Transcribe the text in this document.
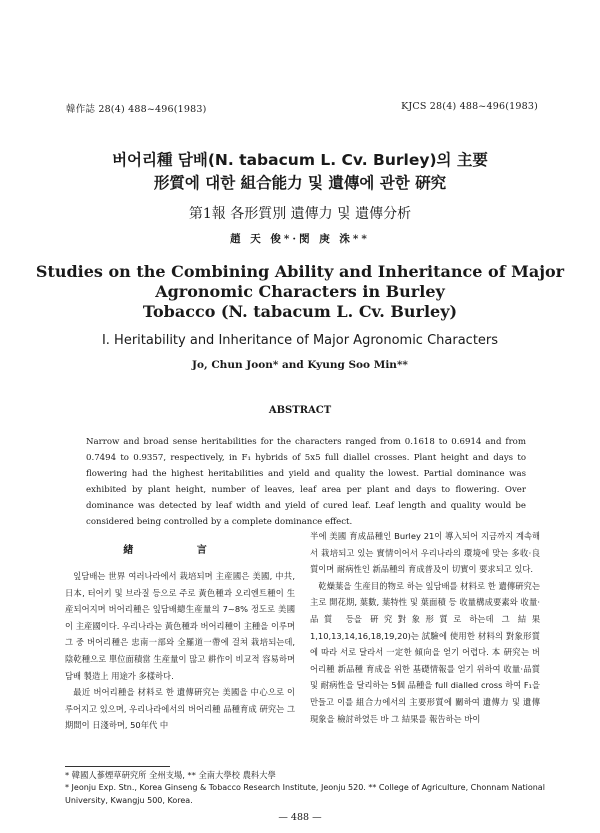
韓作誌 28(4) 488~496(1983)	KJCS 28(4) 488~496(1983)
버어리種 담배(N. tabacum L. Cv. Burley)의 主要
形質에 대한 組合能力 및 遺傳에 관한 硏究
第1報 各形質別 遺傳力 및 遺傳分析
趙 天 俊*·閔 庚 洙**
Studies on the Combining Ability and Inheritance of Major
Agronomic Characters in Burley
Tobacco (N. tabacum L. Cv. Burley)
I. Heritability and Inheritance of Major Agronomic Characters
Jo, Chun Joon* and Kyung Soo Min**
ABSTRACT
Narrow and broad sense heritabilities for the characters ranged from 0.1618 to 0.6914 and from 0.7494 to 0.9357, respectively, in F₁ hybrids of 5x5 full diallel crosses. Plant height and days to flowering had the highest heritabilities and yield and quality the lowest. Partial dominance was exhibited by plant height, number of leaves, leaf area per plant and days to flowering. Over dominance was detected by leaf width and yield of cured leaf. Leaf length and quality would be considered being controlled by a complete dominance effect.
緖 言

잎담배는 世界 여러나라에서 栽培되며 主産國은 美國, 中共, 日本, 터어키 및 브라질 등으로 주로 黃色種과 오리엔트種이 生産되어지며 버어리種은 잎담배總生産量의 7~8% 정도로 美國이 主産國이다. 우리나라는 黃色種과 버어리種이 主種을 이루며 그 중 버어리種은 忠南一部와 全羅道一帶에 걸쳐 栽培되는데, 陰乾種으로 單位面積當 生産量이 많고 耕作이 비교적 容易하며 담배 製造上 用途가 多樣하다.

最近 버어리種을 材料로 한 遺傳硏究는 美國을 中心으로 이루어지고 있으며, 우리나라에서의 버어리種 品種育成 硏究는 그 期間이 日淺하며, 50年代 中

半에 美國 育成品種인 Burley 21이 導入되어 지금까지 계속해서 栽培되고 있는 實情이어서 우리나라의 環境에 맞는 多收·良質이며 耐病性인 新品種의 育成普及이 切實이 要求되고 있다.

乾燥葉을 生産目的物로 하는 잎담배를 材料로 한 遺傳硏究는 主로 開花期, 葉數, 葉特性 및 葉面積 등 收量構成要素와 收量·品質 등을 硏究對象形質로 하는데 그 結果1,10,13,14,16,18,19,20)는 試驗에 使用한 材料의 對象形質에 따라 서로 달라서 一定한 傾向을 얻기 어렵다. 本 硏究는 버어리種 新品種 育成을 위한 基礎情報를 얻기 위하여 收量·品質 및 耐病性을 달리하는 5個 品種을 full dialled cross 하여 F₁을 만들고 이를 組合力에서의 主要形質에 關하여 遺傳力 및 遺傳現象을 檢討하였든 바 그 結果를 報告하는 바이

* 韓國人蔘煙草硏究所 全州支場, ** 全南大學校 農科大學
* Jeonju Exp. Stn., Korea Ginseng & Tobacco Research Institute, Jeonju 520. ** College of Agriculture, Chonnam National University, Kwangju 500, Korea.
— 488 —
